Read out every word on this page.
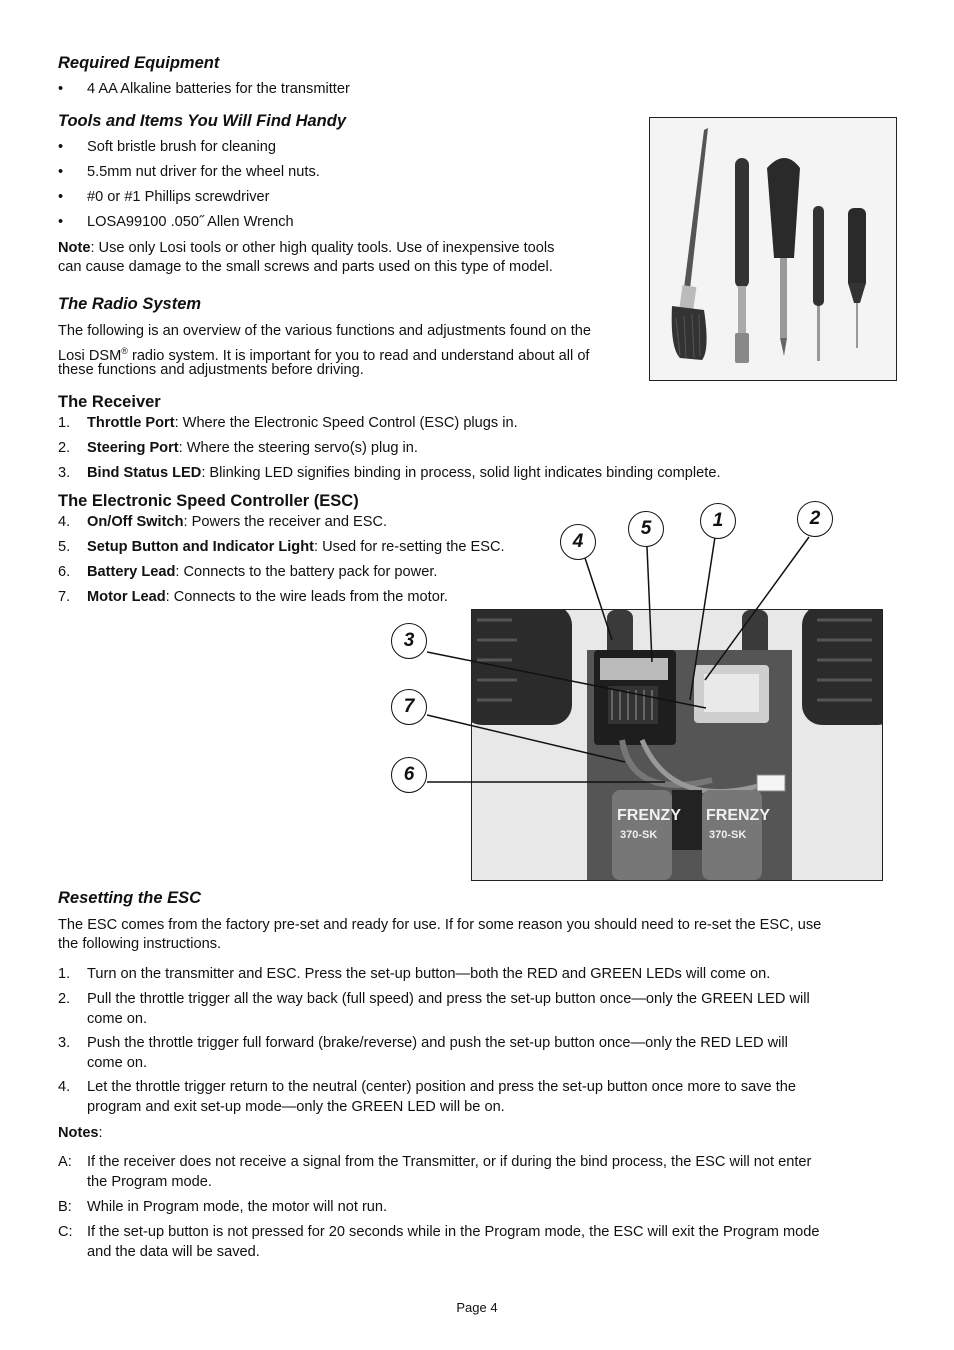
Required Equipment
• 4 AA Alkaline batteries for the transmitter
Tools and Items You Will Find Handy
• Soft bristle brush for cleaning
• 5.5mm nut driver for the wheel nuts.
• #0 or #1 Phillips screwdriver
• LOSA99100 .050˝ Allen Wrench
Note: Use only Losi tools or other high quality tools. Use of inexpensive tools
can cause damage to the small screws and parts used on this type of model.
The Radio System
The following is an overview of the various functions and adjustments found on the
Losi DSM® radio system. It is important for you to read and understand about all of
these functions and adjustments before driving.
The Receiver
1. Throttle Port: Where the Electronic Speed Control (ESC) plugs in.
2. Steering Port: Where the steering servo(s) plug in.
3. Bind Status LED: Blinking LED signifies binding in process, solid light indicates binding complete.
The Electronic Speed Controller (ESC)
4. On/Off Switch: Powers the receiver and ESC.
5. Setup Button and Indicator Light: Used for re-setting the ESC.
6. Battery Lead: Connects to the battery pack for power.
7. Motor Lead: Connects to the wire leads from the motor.
FRENZY
370-SK
FRENZY
370-SK
4
5	1	2
3
7
6
Resetting the ESC
The ESC comes from the factory pre-set and ready for use. If for some reason you should need to re-set the ESC, use
the following instructions.
1. Turn on the transmitter and ESC. Press the set-up button—both the RED and GREEN LEDs will come on.
2. Pull the throttle trigger all the way back (full speed) and press the set-up button once—only the GREEN LED will
come on.
3. Push the throttle trigger full forward (brake/reverse) and push the set-up button once—only the RED LED will
come on.
4. Let the throttle trigger return to the neutral (center) position and press the set-up button once more to save the
program and exit set-up mode—only the GREEN LED will be on.
Notes:
A: If the receiver does not receive a signal from the Transmitter, or if during the bind process, the ESC will not enter
the Program mode.
B: While in Program mode, the motor will not run.
C: If the set-up button is not pressed for 20 seconds while in the Program mode, the ESC will exit the Program mode
and the data will be saved.
Page 4
